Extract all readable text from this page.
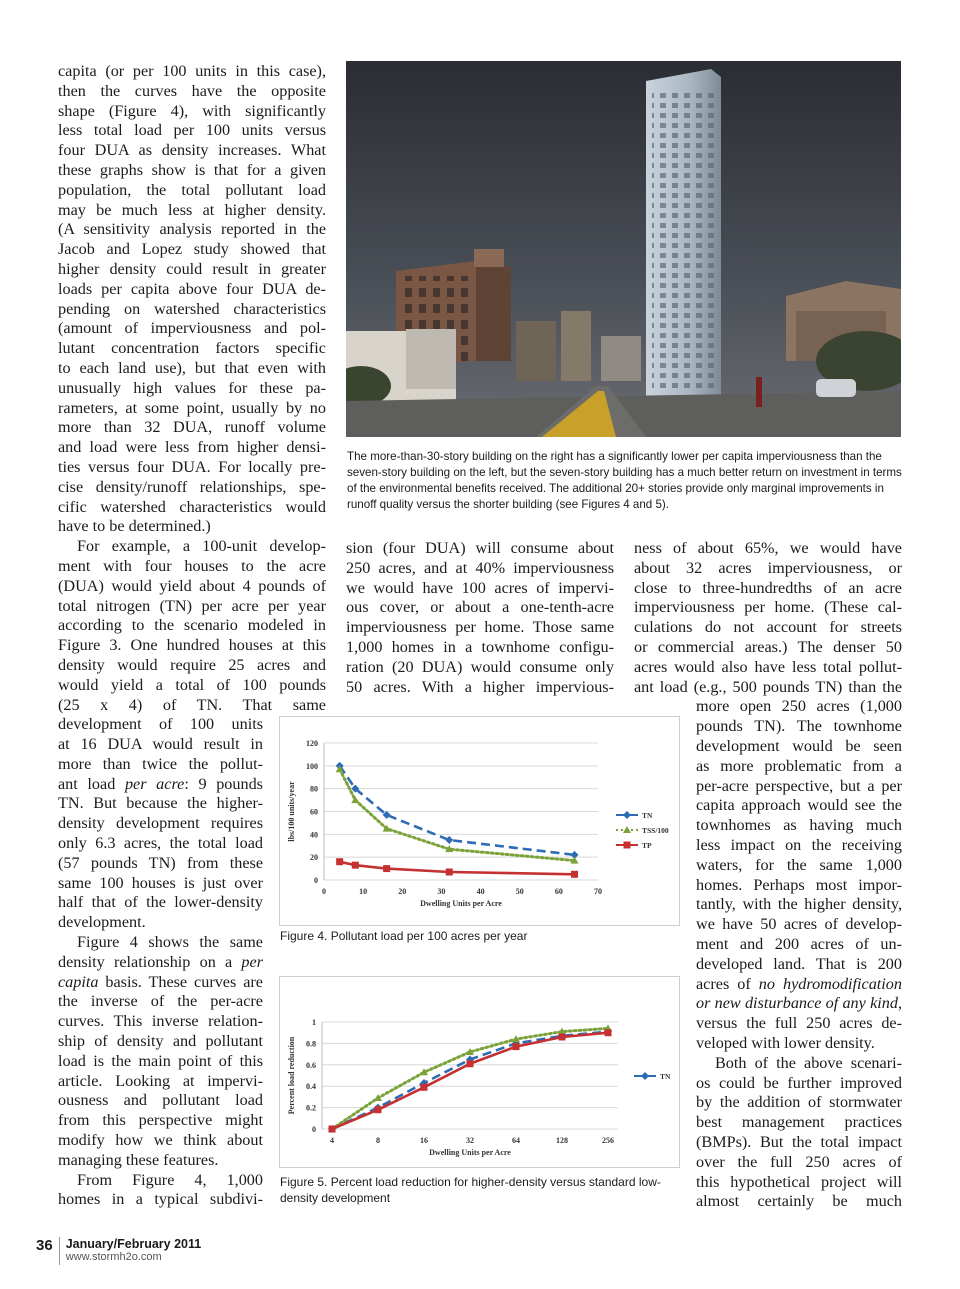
capita (or per 100 units in this case),
then the curves have the opposite
shape (Figure 4), with significantly
less total load per 100 units versus
four DUA as density increases. What
these graphs show is that for a given
population, the total pollutant load
may be much less at higher density.
(A sensitivity analysis reported in the
Jacob and Lopez study showed that
higher density could result in greater
loads per capita above four DUA de-
pending on watershed characteristics
(amount of imperviousness and pol-
lutant concentration factors specific
to each land use), but that even with
unusually high values for these pa-
rameters, at some point, usually by no
more than 32 DUA, runoff volume
and load were less from higher densi-
ties versus four DUA. For locally pre-
cise density/runoff relationships, spe-
cific watershed characteristics would
have to be determined.)
For example, a 100-unit develop-
ment with four houses to the acre
(DUA) would yield about 4 pounds of
total nitrogen (TN) per acre per year
according to the scenario modeled in
Figure 3. One hundred houses at this
density would require 25 acres and
would yield a total of 100 pounds
(25 x 4) of TN. That same
development of 100 units
at 16 DUA would result in
more than twice the pollut-
ant load per acre: 9 pounds
TN. But because the higher-
density development requires
only 6.3 acres, the total load
(57 pounds TN) from these
same 100 houses is just over
half that of the lower-density
development.
Figure 4 shows the same
density relationship on a per
capita basis. These curves are
the inverse of the per-acre
curves. This inverse relation-
ship of density and pollutant
load is the main point of this
article. Looking at impervi-
ousness and pollutant load
from this perspective might
modify how we think about
managing these features.
From Figure 4, 1,000
homes in a typical subdivi-
The more-than-30-story building on the right has a significantly lower per capita imperviousness than the seven-story building on the left, but the seven-story building has a much better return on investment in terms of the environmental benefits received. The additional 20+ stories provide only marginal improvements in runoff quality versus the shorter building (see Figures 4 and 5).
sion (four DUA) will consume about
250 acres, and at 40% imperviousness
we would have 100 acres of impervi-
ous cover, or about a one-tenth-acre
imperviousness per home. Those same
1,000 homes in a townhome configu-
ration (20 DUA) would consume only
50 acres. With a higher impervious-
ness of about 65%, we would have
about 32 acres imperviousness, or
close to three-hundredths of an acre
imperviousness per home. (These cal-
culations do not account for streets
or commercial areas.) The denser 50
acres would also have less total pollut-
ant load (e.g., 500 pounds TN) than the
more open 250 acres (1,000
pounds TN). The townhome
development would be seen
as more problematic from a
per-acre perspective, but a per
capita approach would see the
townhomes as having much
less impact on the receiving
waters, for the same 1,000
homes. Perhaps most impor-
tantly, with the higher density,
we have 50 acres of develop-
ment and 200 acres of un-
developed land. That is 200
acres of no hydromodification
or new disturbance of any kind,
versus the full 250 acres de-
veloped with lower density.
Both of the above scenari-
os could be further improved
by the addition of stormwater
best management practices
(BMPs). But the total impact
over the full 250 acres of
this hypothetical project will
almost certainly be much
0
20
40
60
80
100
120
0	10	20	30	40	50	60	70
Dwelling Units per Acre
lbs/100 units/year	TN
TSS/100
TP
Figure 4. Pollutant load per 100 acres per year
0
0.2
0.4
0.6
0.8
1
4	8	16	32	64	128	256
Dwelling Units per Acre
Percent load reduction	TN
Figure 5. Percent load reduction for higher-density versus standard low-density development
36 January/February 2011
www.stormh2o.com
